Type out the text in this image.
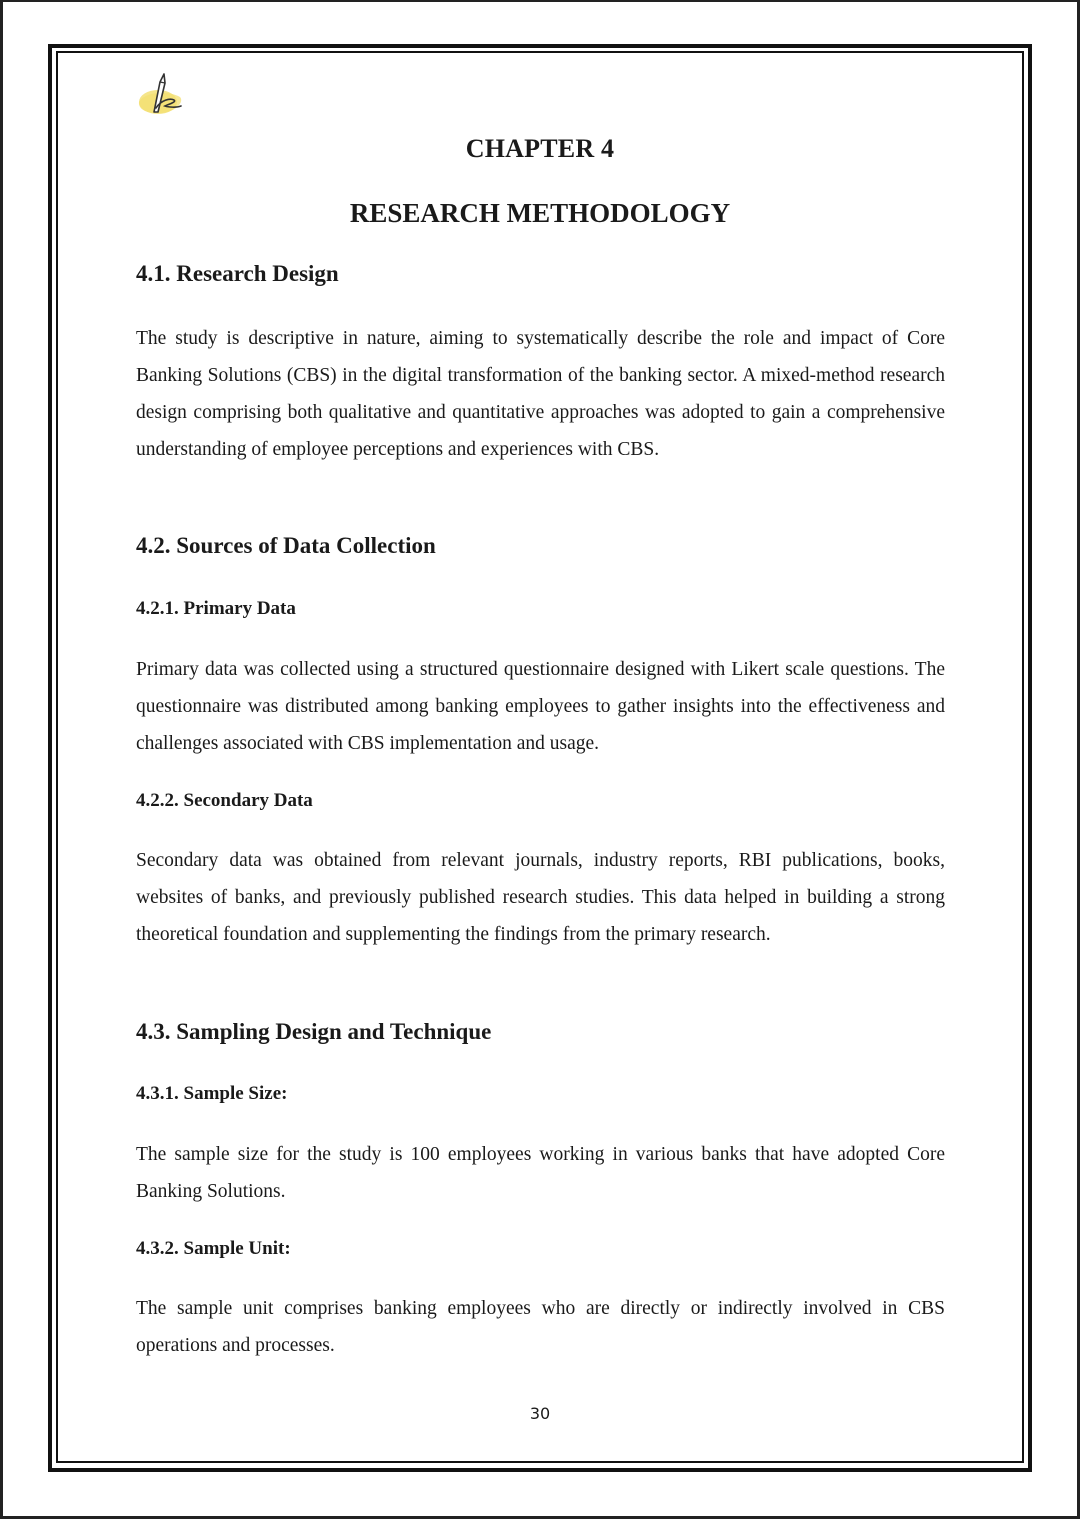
CHAPTER 4
RESEARCH METHODOLOGY
4.1. Research Design

The study is descriptive in nature, aiming to systematically describe the role and impact of Core Banking Solutions (CBS) in the digital transformation of the banking sector. A mixed-method research design comprising both qualitative and quantitative approaches was adopted to gain a comprehensive understanding of employee perceptions and experiences with CBS.

4.2. Sources of Data Collection
4.2.1. Primary Data

Primary data was collected using a structured questionnaire designed with Likert scale questions. The questionnaire was distributed among banking employees to gather insights into the effectiveness and challenges associated with CBS implementation and usage.

4.2.2. Secondary Data

Secondary data was obtained from relevant journals, industry reports, RBI publications, books, websites of banks, and previously published research studies. This data helped in building a strong theoretical foundation and supplementing the findings from the primary research.

4.3. Sampling Design and Technique
4.3.1. Sample Size:

The sample size for the study is 100 employees working in various banks that have adopted Core Banking Solutions.

4.3.2. Sample Unit:

The sample unit comprises banking employees who are directly or indirectly involved in CBS operations and processes.

30
